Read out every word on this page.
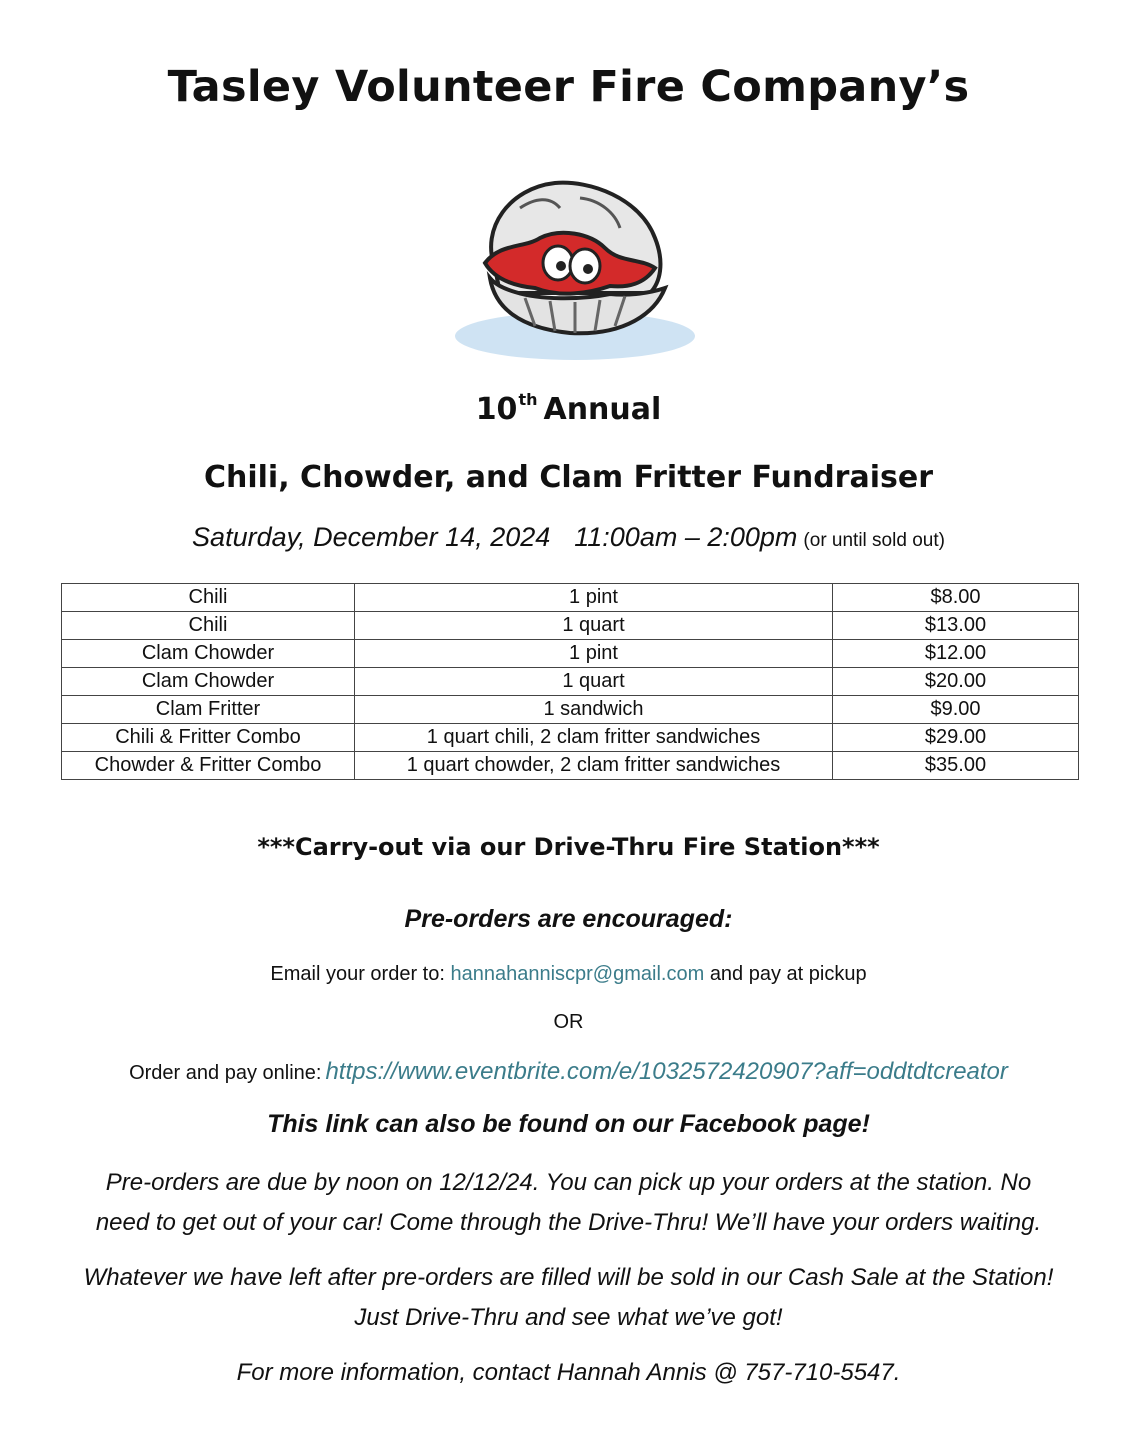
Tasley Volunteer Fire Company’s
10th Annual
Chili, Chowder, and Clam Fritter Fundraiser
Saturday, December 14, 2024 11:00am – 2:00pm (or until sold out)
Chili	1 pint	$8.00
Chili	1 quart	$13.00
Clam Chowder	1 pint	$12.00
Clam Chowder	1 quart	$20.00
Clam Fritter	1 sandwich	$9.00
Chili & Fritter Combo	1 quart chili, 2 clam fritter sandwiches	$29.00
Chowder & Fritter Combo	1 quart chowder, 2 clam fritter sandwiches	$35.00
***Carry-out via our Drive-Thru Fire Station***
Pre-orders are encouraged:
Email your order to: hannahanniscpr@gmail.com and pay at pickup
OR
Order and pay online: https://www.eventbrite.com/e/1032572420907?aff=oddtdtcreator
This link can also be found on our Facebook page!
Pre-orders are due by noon on 12/12/24. You can pick up your orders at the station. No
need to get out of your car! Come through the Drive-Thru! We’ll have your orders waiting.
Whatever we have left after pre-orders are filled will be sold in our Cash Sale at the Station!
Just Drive-Thru and see what we’ve got!
For more information, contact Hannah Annis @ 757-710-5547.
